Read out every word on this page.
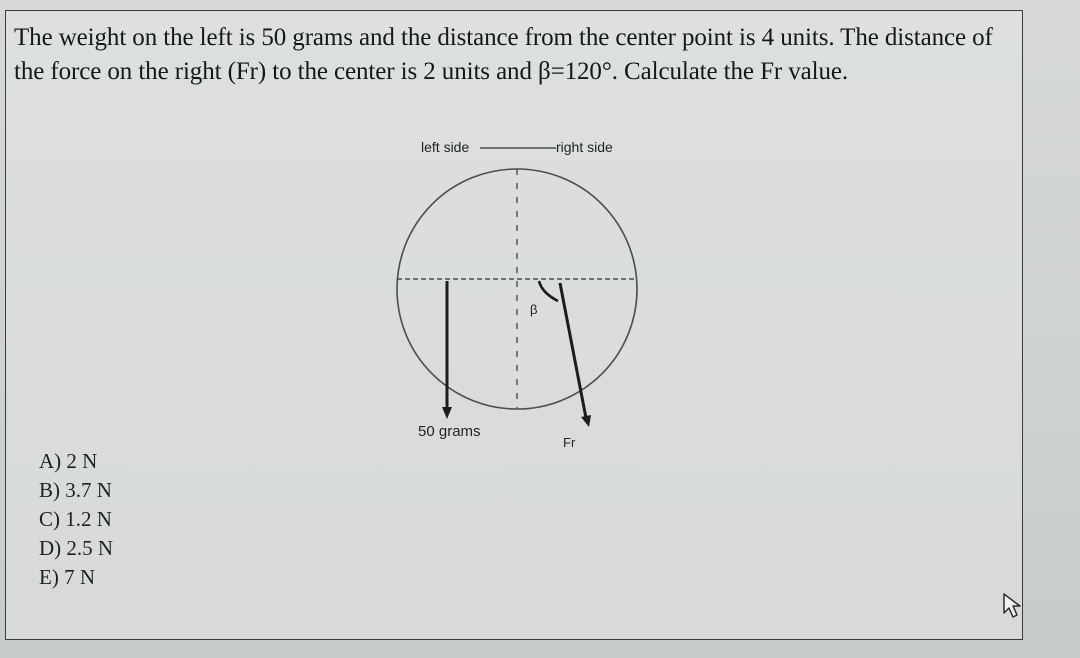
The weight on the left is 50 grams and the distance from the center point is 4 units. The distance of the force on the right (Fr) to the center is 2 units and β=120°. Calculate the Fr value.
left side	right side
β
50 grams
Fr
A) 2 N
B) 3.7 N
C) 1.2 N
D) 2.5 N
E) 7 N
